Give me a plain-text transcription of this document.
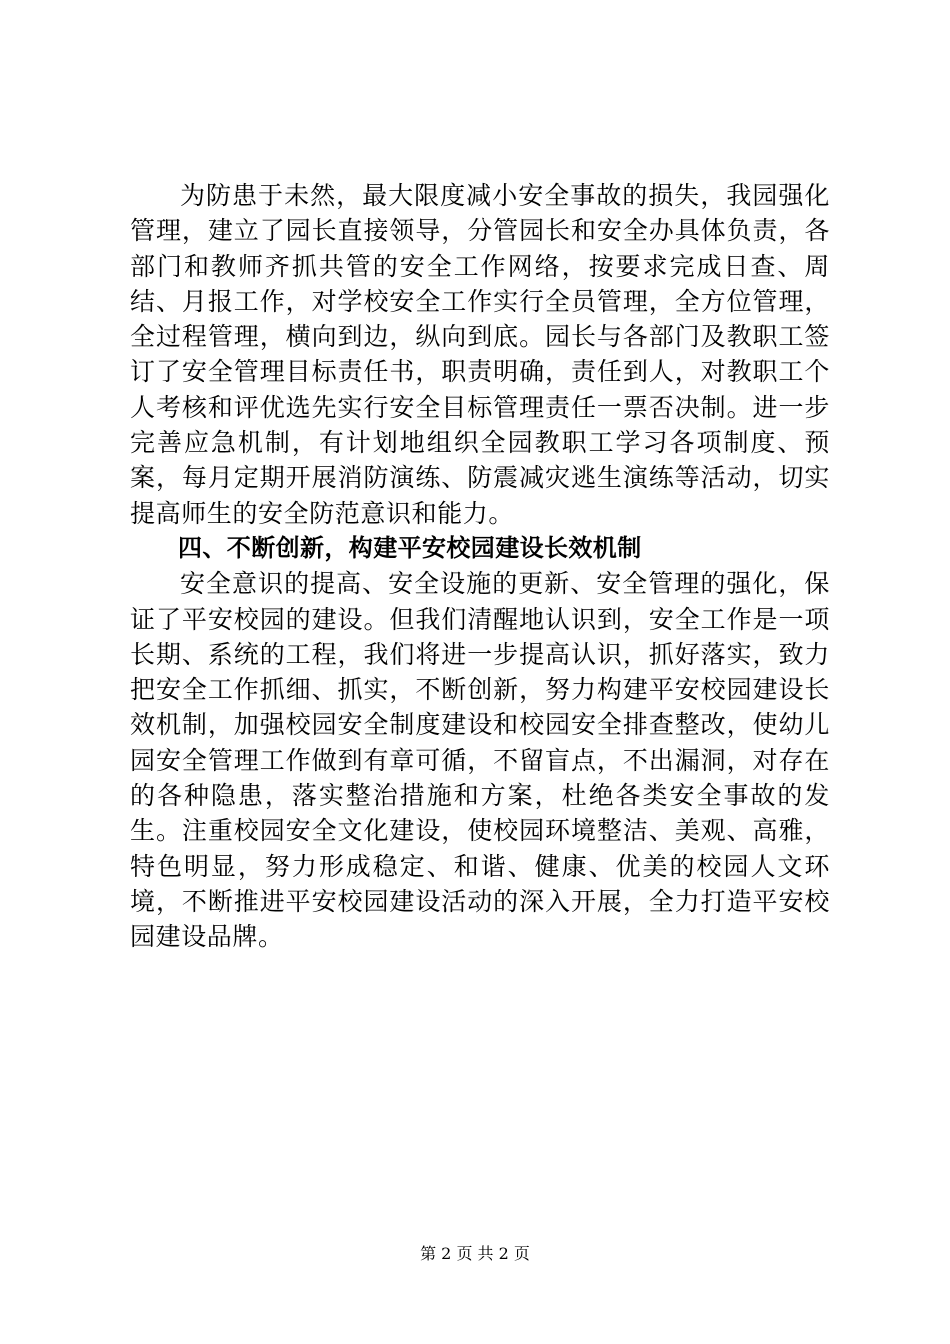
为防患于未然，最大限度减小安全事故的损失，我园强化管理，建立了园长直接领导，分管园长和安全办具体负责，各部门和教师齐抓共管的安全工作网络，按要求完成日查、周结、月报工作，对学校安全工作实行全员管理，全方位管理，全过程管理，横向到边，纵向到底。园长与各部门及教职工签订了安全管理目标责任书，职责明确，责任到人，对教职工个人考核和评优选先实行安全目标管理责任一票否决制。进一步完善应急机制，有计划地组织全园教职工学习各项制度、预案，每月定期开展消防演练、防震减灾逃生演练等活动，切实提高师生的安全防范意识和能力。

四、不断创新，构建平安校园建设长效机制

安全意识的提高、安全设施的更新、安全管理的强化，保证了平安校园的建设。但我们清醒地认识到，安全工作是一项长期、系统的工程，我们将进一步提高认识，抓好落实，致力把安全工作抓细、抓实，不断创新，努力构建平安校园建设长效机制，加强校园安全制度建设和校园安全排查整改，使幼儿园安全管理工作做到有章可循，不留盲点，不出漏洞，对存在的各种隐患，落实整治措施和方案，杜绝各类安全事故的发生。注重校园安全文化建设，使校园环境整洁、美观、高雅，特色明显，努力形成稳定、和谐、健康、优美的校园人文环境，不断推进平安校园建设活动的深入开展，全力打造平安校园建设品牌。

第 2 页 共 2 页
